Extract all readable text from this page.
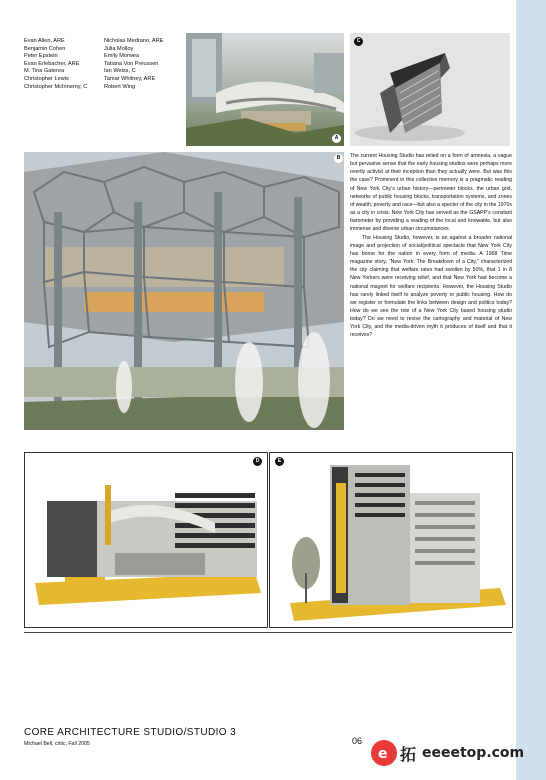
Evan Allen, ARE
Benjamin Cohen
Peter Epstein
Evan Erlebacher, ARE
M. Tina Gaterea
Christopher Lewis
Christopher McInnerny, C
Nicholas Medrano, ARE
Julia Molloy
Emily Morwea
Tatiana Von Preussen
Ian Weiss, C
Tamar Whitney, ARE
Robert Wing
A
C
B	The current Housing Studio has relied on a form of amnesia, a vague but pervasive sense that the early housing studios were perhaps more overtly activist at their inception than they actually were. But was this the case? Prominent in this collective memory is a pragmatic reading of New York City’s urban history—perimeter blocks, the urban grid, networks of public housing blocks, transportation systems, and zones of wealth, poverty and race—but also a specter of the city in the 1970s as a city in crisis. New York City has served as the GSAPP’s constant barometer by providing a reading of the local and knowable, but also immense and diverse urban circumstances.

The Housing Studio, however, is an against a broader national image and projection of social/political spectacle that New York City has borne for the nation in every form of media. A 1968 Time magazine story, “New York: The Breakdown of a City,” characterized the city claiming that welfare rates had swollen by 50%, that 1 in 8 New Yorkers were receiving relief, and that New York had become a national magnet for welfare recipients. However, the Housing Studio has rarely linked itself to analyze poverty or public housing. How do we register or formulate the links between design and politics today? How do we see the role of a New York City based housing studio today? Do we need to revise the cartography and material of New York City, and the media-driven myth it produces of itself and that it receives?

D	E
CORE ARCHITECTURE STUDIO/STUDIO 3
Michael Bell, critic, Fall 2005	06
e 拓 eeeetop.com
